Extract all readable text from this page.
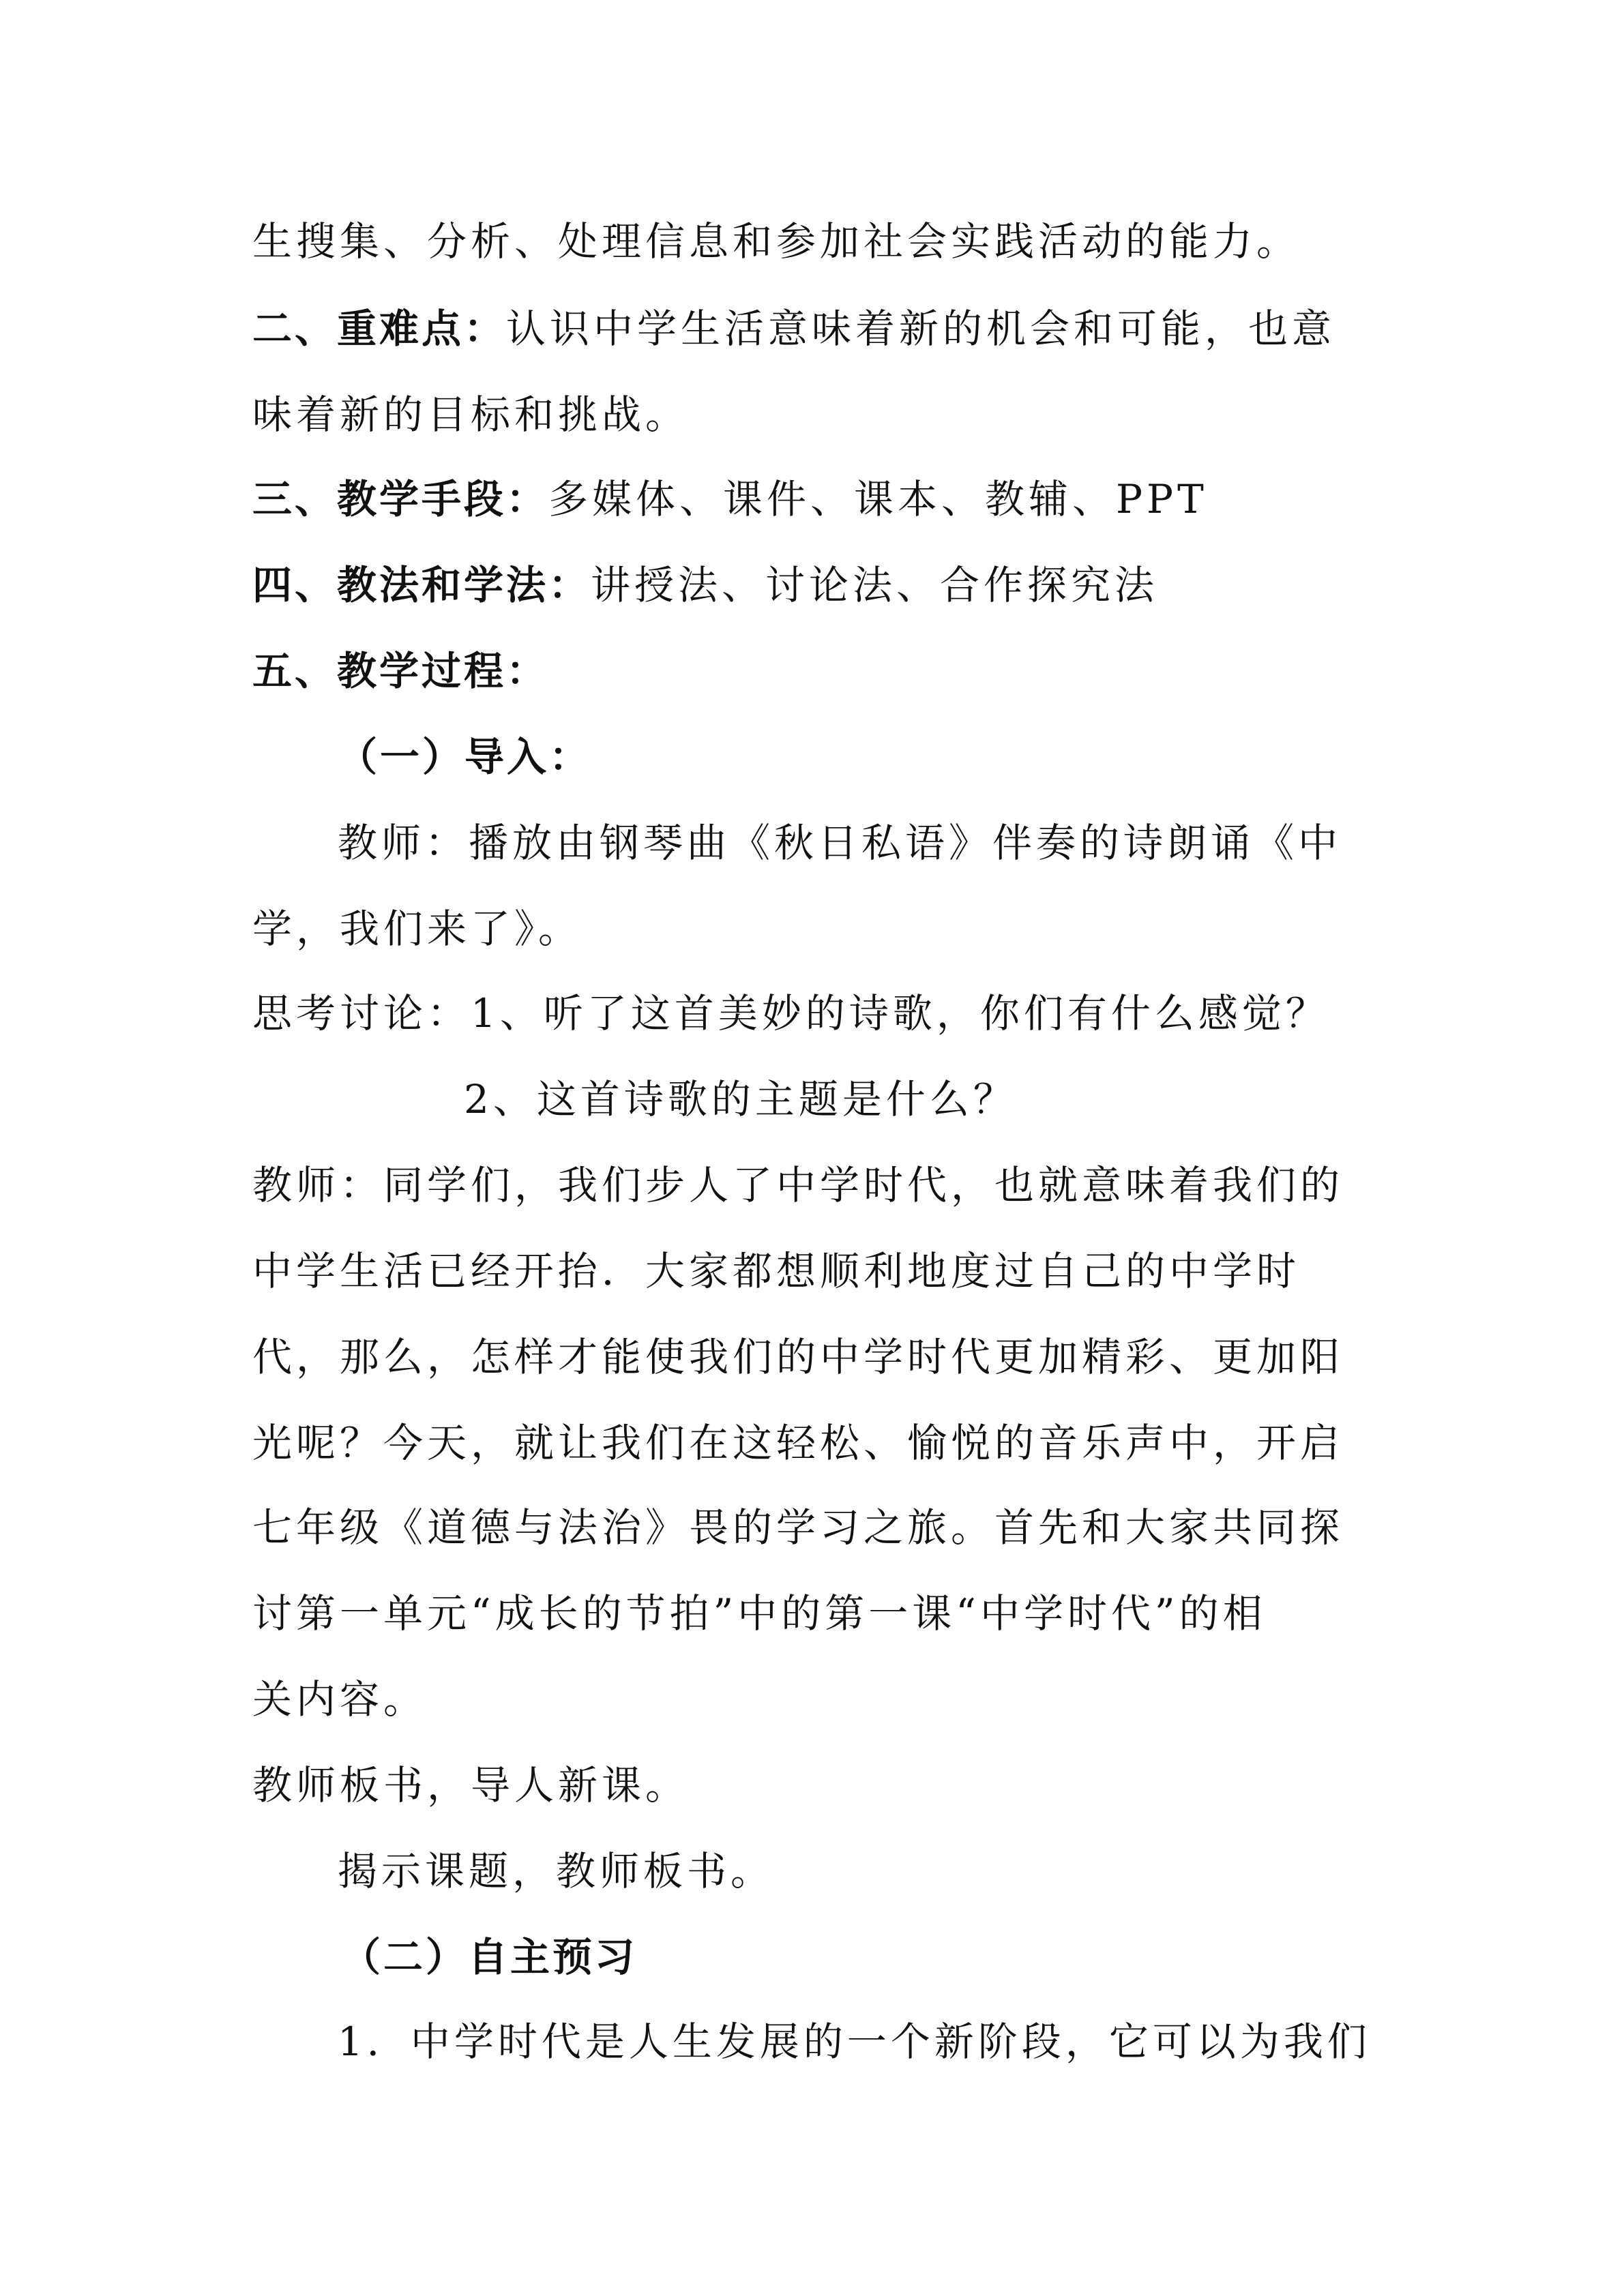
生搜集、分析、处理信息和参加社会实践活动的能力。
二、重难点：认识中学生活意味着新的机会和可能，也意
味着新的目标和挑战。
三、教学手段：多媒体、课件、课本、教辅、PPT
四、教法和学法：讲授法、讨论法、合作探究法
五、教学过程：
（一）导入：
教师：播放由钢琴曲《秋日私语》伴奏的诗朗诵《中
学，我们来了》。
思考讨论：1、听了这首美妙的诗歌，你们有什么感觉？
2、这首诗歌的主题是什么？
教师：同学们，我们步人了中学时代，也就意味着我们的
中学生活已经开抬．大家都想顺利地度过自己的中学时
代，那么，怎样才能使我们的中学时代更加精彩、更加阳
光呢？今天，就让我们在这轻松、愉悦的音乐声中，开启
七年级《道德与法治》畏的学习之旅。首先和大家共同探
讨第一单元“成长的节拍”中的第一课“中学时代”的相
关内容。
教师板书，导人新课。
揭示课题，教师板书。
（二）自主预习
1．中学时代是人生发展的一个新阶段，它可以为我们
